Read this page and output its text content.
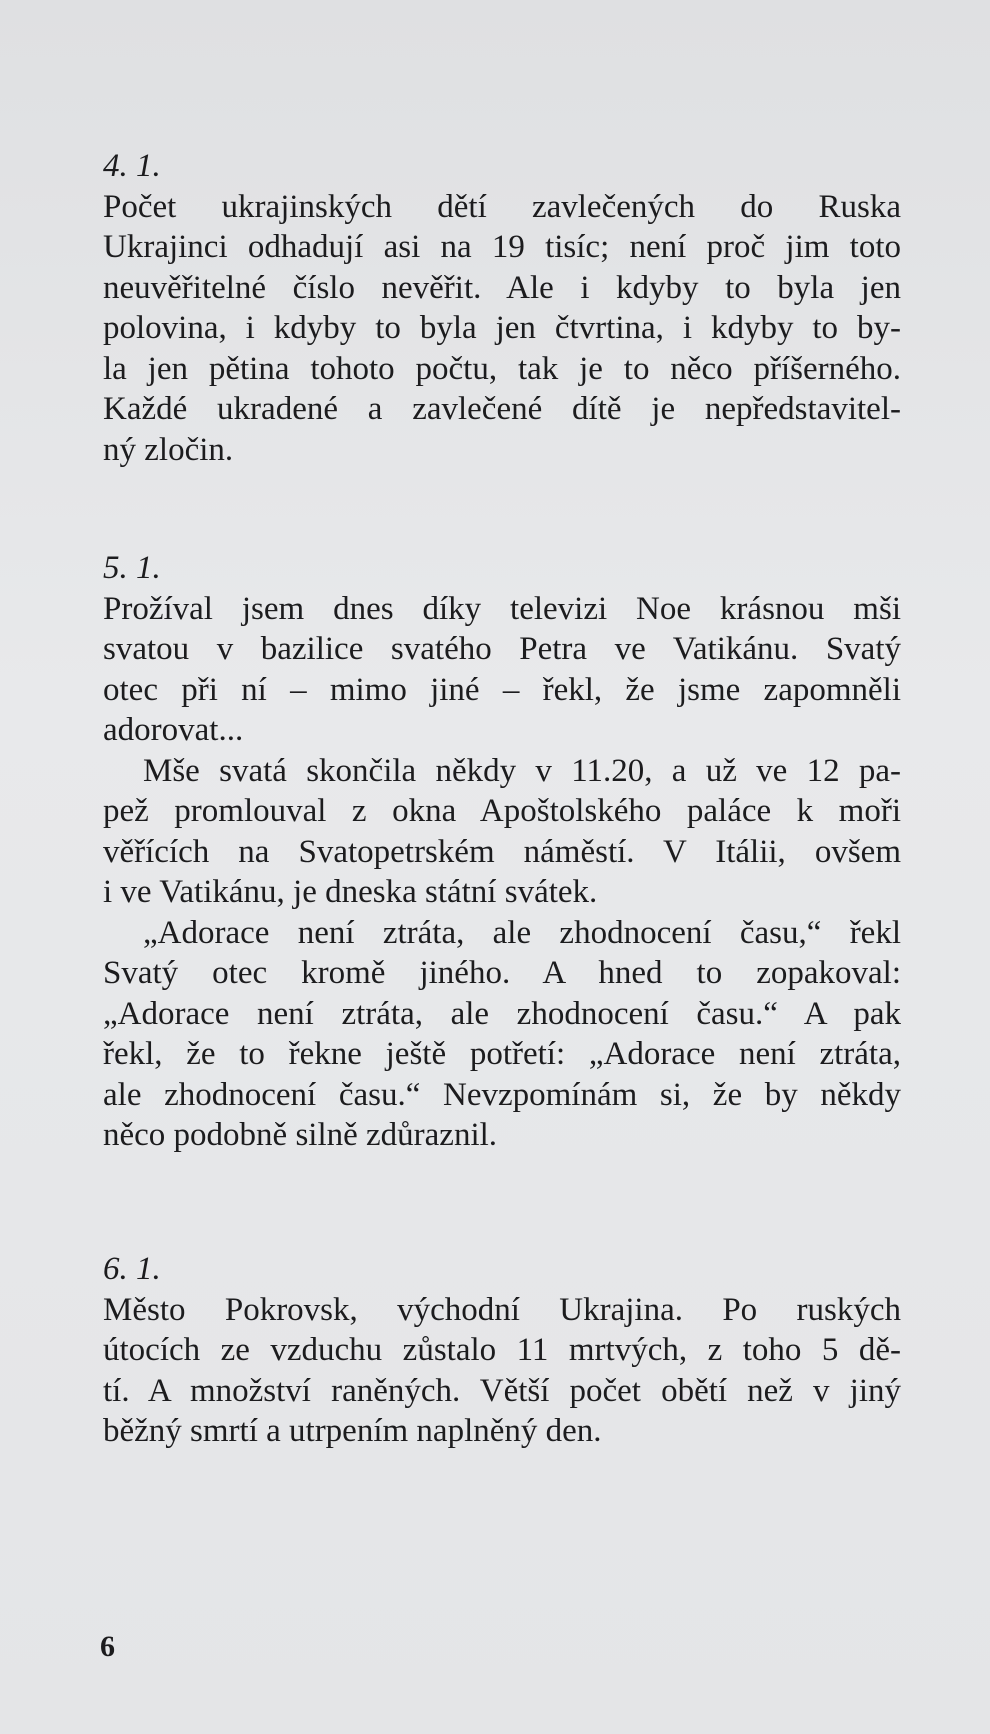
4. 1.

Počet ukrajinských dětí zavlečených do Ruska
Ukrajinci odhadují asi na 19 tisíc; není proč jim toto
neuvěřitelné číslo nevěřit. Ale i kdyby to byla jen
polovina, i kdyby to byla jen čtvrtina, i kdyby to by-
la jen pětina tohoto počtu, tak je to něco příšerného.
Každé ukradené a zavlečené dítě je nepředstavitel-
ný zločin.

5. 1.

Prožíval jsem dnes díky televizi Noe krásnou mši
svatou v bazilice svatého Petra ve Vatikánu. Svatý
otec při ní – mimo jiné – řekl, že jsme zapomněli
adorovat...

Mše svatá skončila někdy v 11.20, a už ve 12 pa-
pež promlouval z okna Apoštolského paláce k moři
věřících na Svatopetrském náměstí. V Itálii, ovšem
i ve Vatikánu, je dneska státní svátek.

„Adorace není ztráta, ale zhodnocení času,“ řekl
Svatý otec kromě jiného. A hned to zopakoval:
„Adorace není ztráta, ale zhodnocení času.“ A pak
řekl, že to řekne ještě potřetí: „Adorace není ztráta,
ale zhodnocení času.“ Nevzpomínám si, že by někdy
něco podobně silně zdůraznil.

6. 1.

Město Pokrovsk, východní Ukrajina. Po ruských
útocích ze vzduchu zůstalo 11 mrtvých, z toho 5 dě-
tí. A množství raněných. Větší počet obětí než v jiný
běžný smrtí a utrpením naplněný den.

6
